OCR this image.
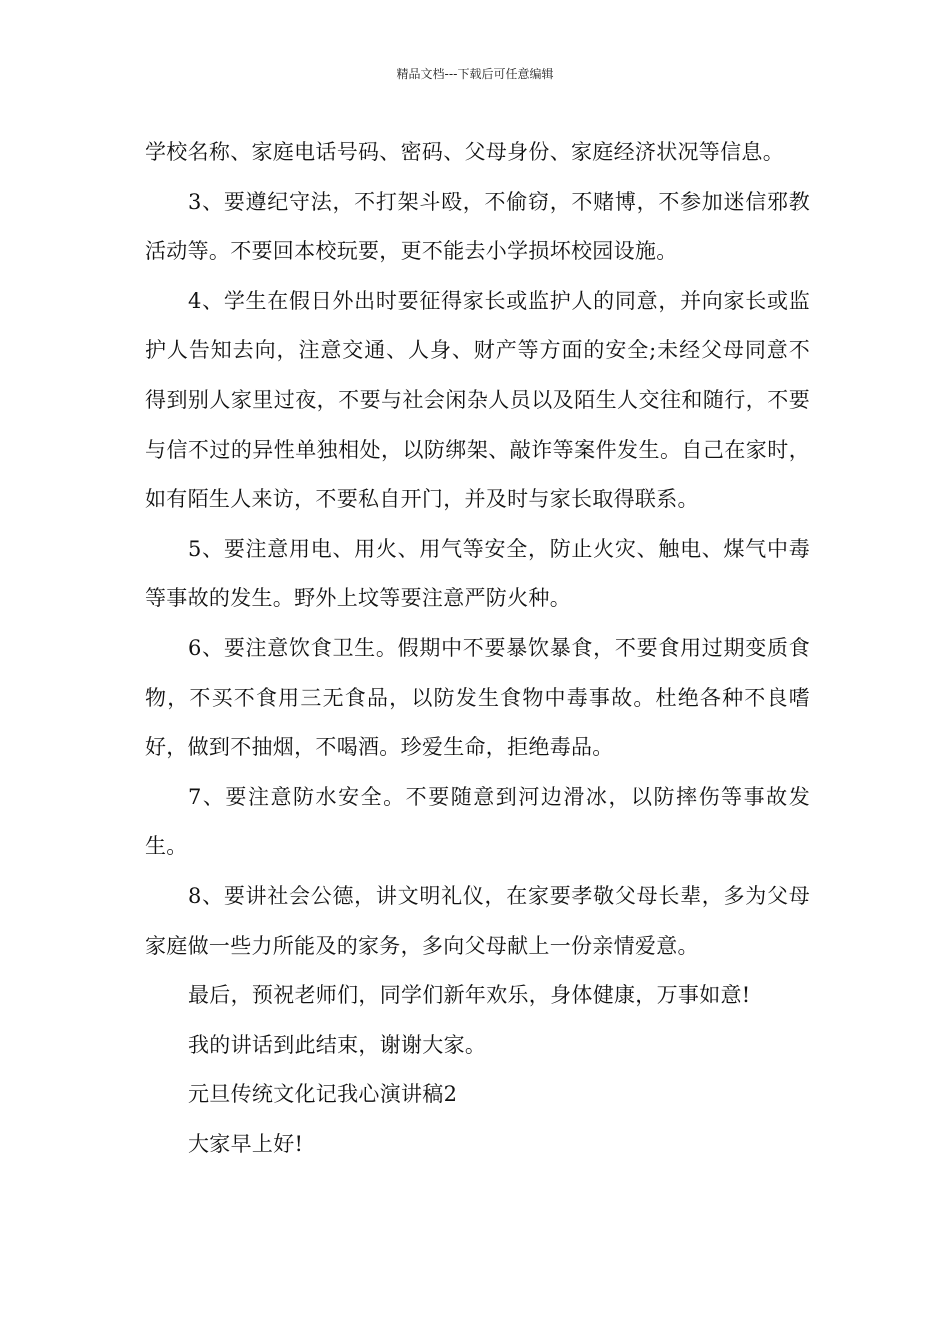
精品文档---下载后可任意编辑

学校名称、家庭电话号码、密码、父母身份、家庭经济状况等信息。

3、要遵纪守法，不打架斗殴，不偷窃，不赌博，不参加迷信邪教活动等。不要回本校玩要，更不能去小学损坏校园设施。

4、学生在假日外出时要征得家长或监护人的同意，并向家长或监护人告知去向，注意交通、人身、财产等方面的安全;未经父母同意不得到别人家里过夜，不要与社会闲杂人员以及陌生人交往和随行，不要与信不过的异性单独相处，以防绑架、敲诈等案件发生。自己在家时，如有陌生人来访，不要私自开门，并及时与家长取得联系。

5、要注意用电、用火、用气等安全，防止火灾、触电、煤气中毒等事故的发生。野外上坟等要注意严防火种。

6、要注意饮食卫生。假期中不要暴饮暴食，不要食用过期变质食物，不买不食用三无食品，以防发生食物中毒事故。杜绝各种不良嗜好，做到不抽烟，不喝酒。珍爱生命，拒绝毒品。

7、要注意防水安全。不要随意到河边滑冰，以防摔伤等事故发生。

8、要讲社会公德，讲文明礼仪，在家要孝敬父母长辈，多为父母家庭做一些力所能及的家务，多向父母献上一份亲情爱意。

最后，预祝老师们，同学们新年欢乐，身体健康，万事如意!

我的讲话到此结束，谢谢大家。

元旦传统文化记我心演讲稿2

大家早上好!
